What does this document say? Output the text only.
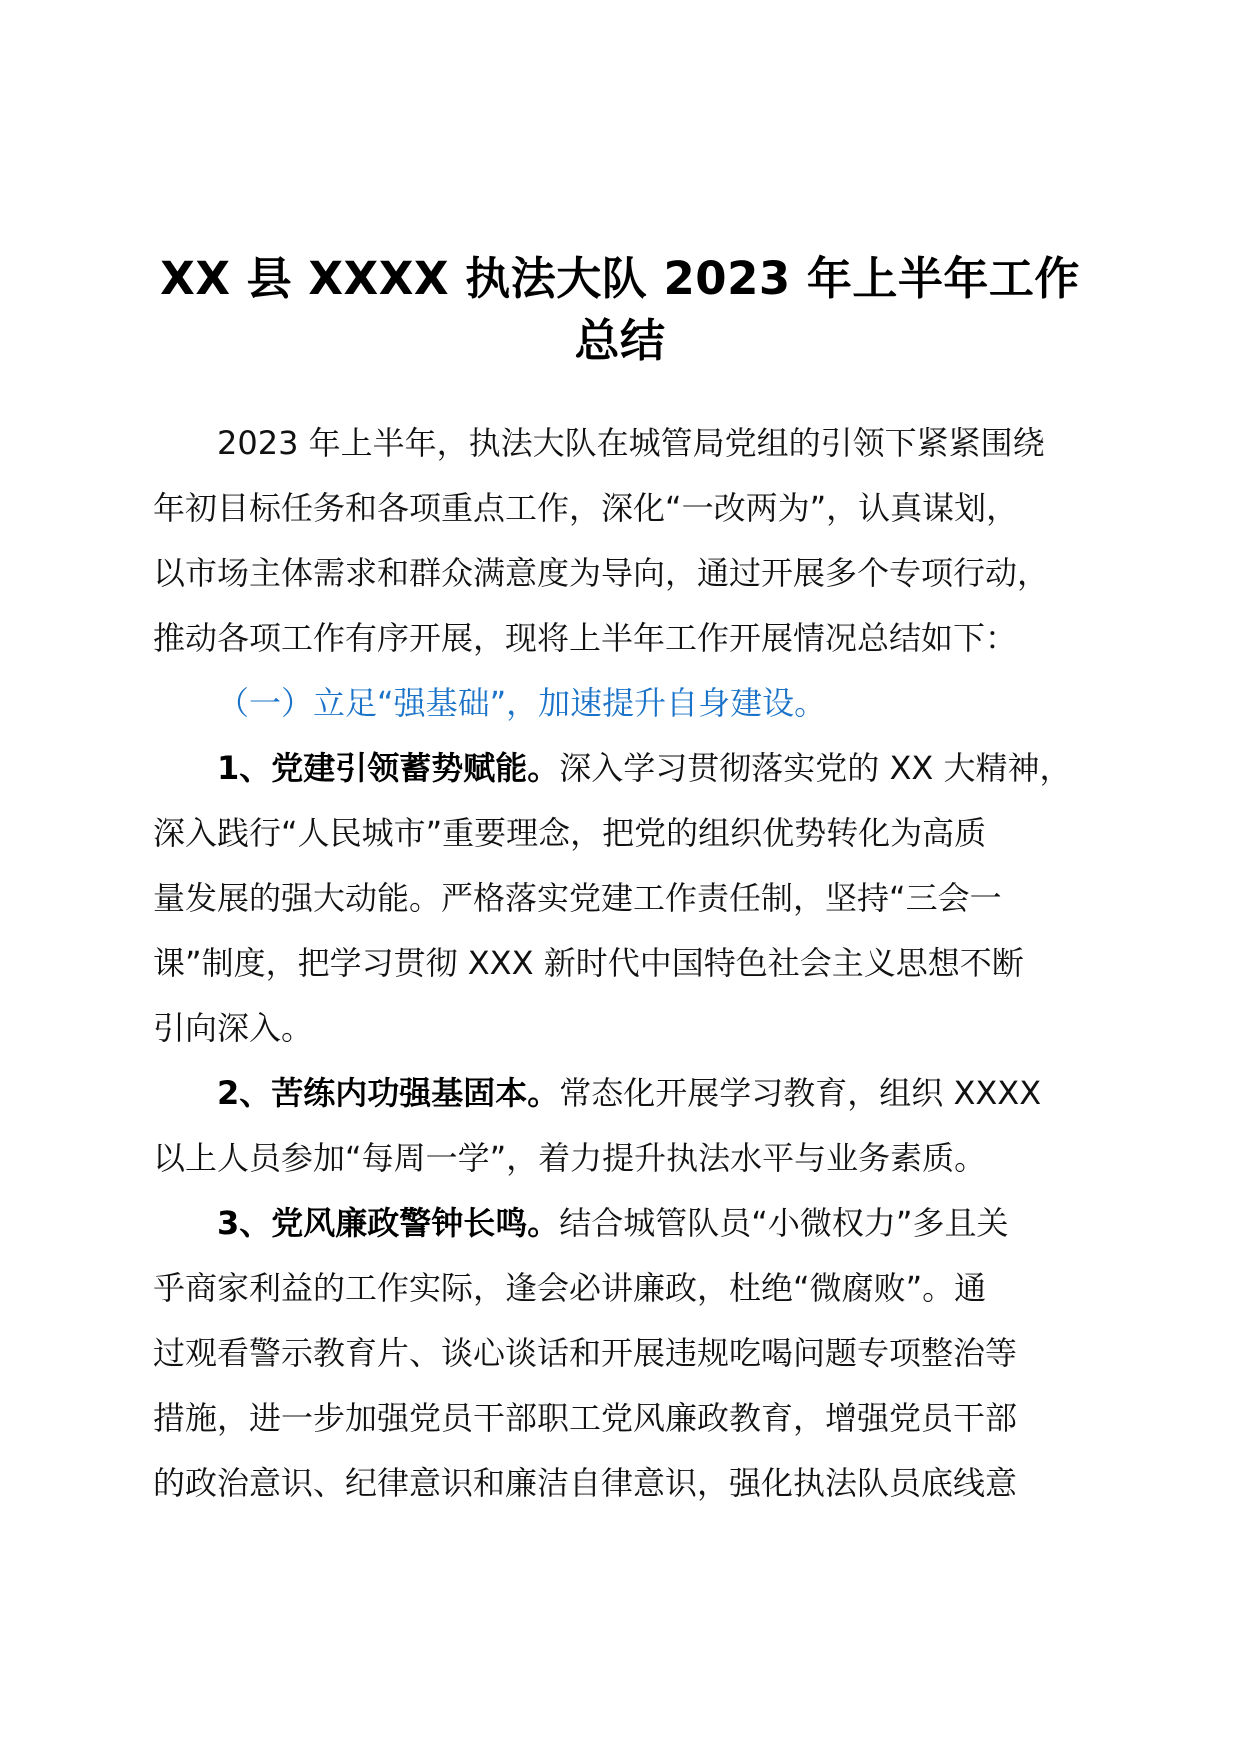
XX 县 XXXX 执法大队 2023 年上半年工作
总结

2023 年上半年，执法大队在城管局党组的引领下紧紧围绕
年初目标任务和各项重点工作，深化“一改两为”，认真谋划，
以市场主体需求和群众满意度为导向，通过开展多个专项行动，
推动各项工作有序开展，现将上半年工作开展情况总结如下：

（一）立足“强基础”，加速提升自身建设。

1、党建引领蓄势赋能。深入学习贯彻落实党的 XX 大精神，
深入践行“人民城市”重要理念，把党的组织优势转化为高质
量发展的强大动能。严格落实党建工作责任制，坚持“三会一
课”制度，把学习贯彻 XXX 新时代中国特色社会主义思想不断
引向深入。

2、苦练内功强基固本。常态化开展学习教育，组织 XXXX
以上人员参加“每周一学”，着力提升执法水平与业务素质。

3、党风廉政警钟长鸣。结合城管队员“小微权力”多且关
乎商家利益的工作实际，逢会必讲廉政，杜绝“微腐败”。通
过观看警示教育片、谈心谈话和开展违规吃喝问题专项整治等
措施，进一步加强党员干部职工党风廉政教育，增强党员干部
的政治意识、纪律意识和廉洁自律意识，强化执法队员底线意
